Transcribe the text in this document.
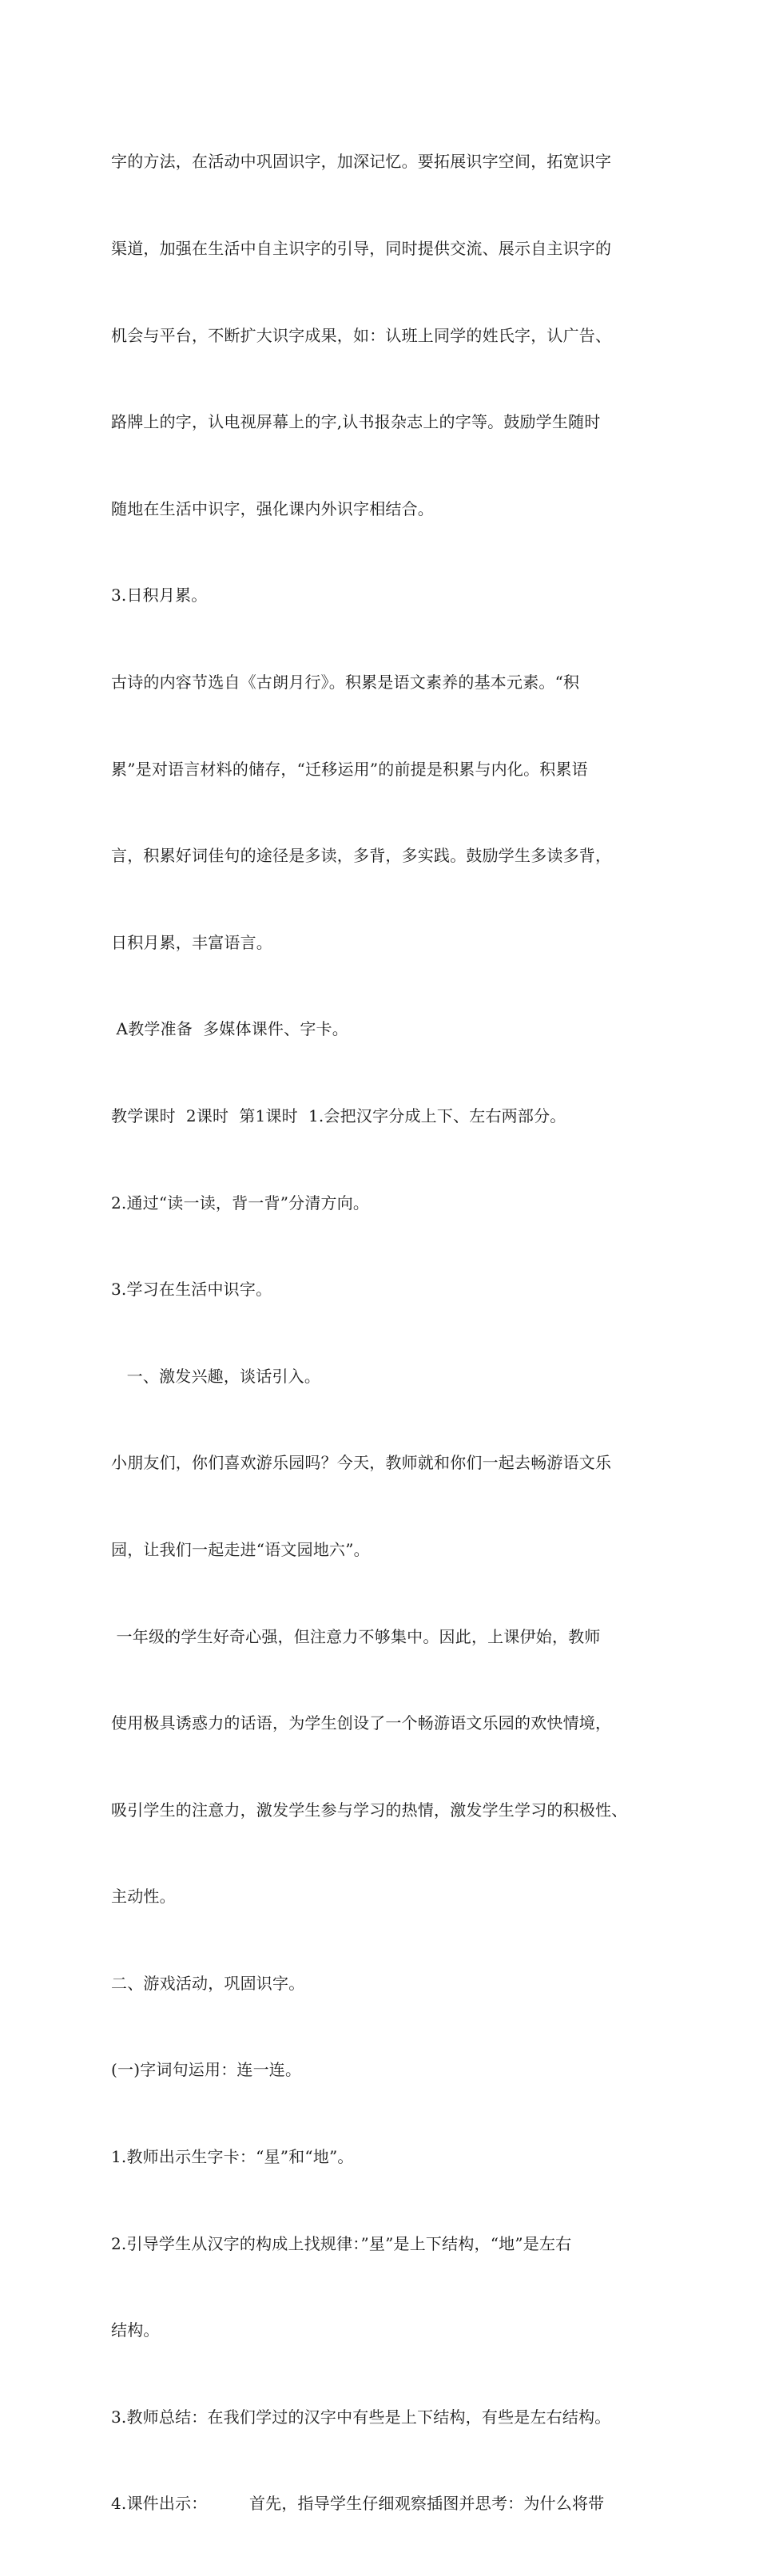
字的方法，在活动中巩固识字，加深记忆。要拓展识字空间，拓宽识字

渠道，加强在生活中自主识字的引导，同时提供交流、展示自主识字的

机会与平台，不断扩大识字成果，如：认班上同学的姓氏字，认广告、

路牌上的字，认电视屏幕上的字,认书报杂志上的字等。鼓励学生随时

随地在生活中识字，强化课内外识字相结合。

3.日积月累。

古诗的内容节选自《古朗月行》。积累是语文素养的基本元素。“积

累”是对语言材料的储存，“迁移运用”的前提是积累与内化。积累语

言，积累好词佳句的途径是多读，多背，多实践。鼓励学生多读多背，

日积月累，丰富语言。

A教学准备  多媒体课件、字卡。

教学课时  2课时  第1课时  1.会把汉字分成上下、左右两部分。

2.通过“读一读，背一背”分清方向。

3.学习在生活中识字。

一、激发兴趣，谈话引入。

小朋友们，你们喜欢游乐园吗？今天，教师就和你们一起去畅游语文乐

园，让我们一起走进“语文园地六”。

一年级的学生好奇心强，但注意力不够集中。因此，上课伊始，教师

使用极具诱惑力的话语，为学生创设了一个畅游语文乐园的欢快情境，

吸引学生的注意力，激发学生参与学习的热情，激发学生学习的积极性、

主动性。

二、游戏活动，巩固识字。

(一)字词句运用：连一连。

1.教师出示生字卡：“星”和“地”。

2.引导学生从汉字的构成上找规律：”星”是上下结构，“地”是左右

结构。

3.教师总结：在我们学过的汉字中有些是上下结构，有些是左右结构。

4.课件出示：        首先，指导学生仔细观察插图并思考：为什么将带
